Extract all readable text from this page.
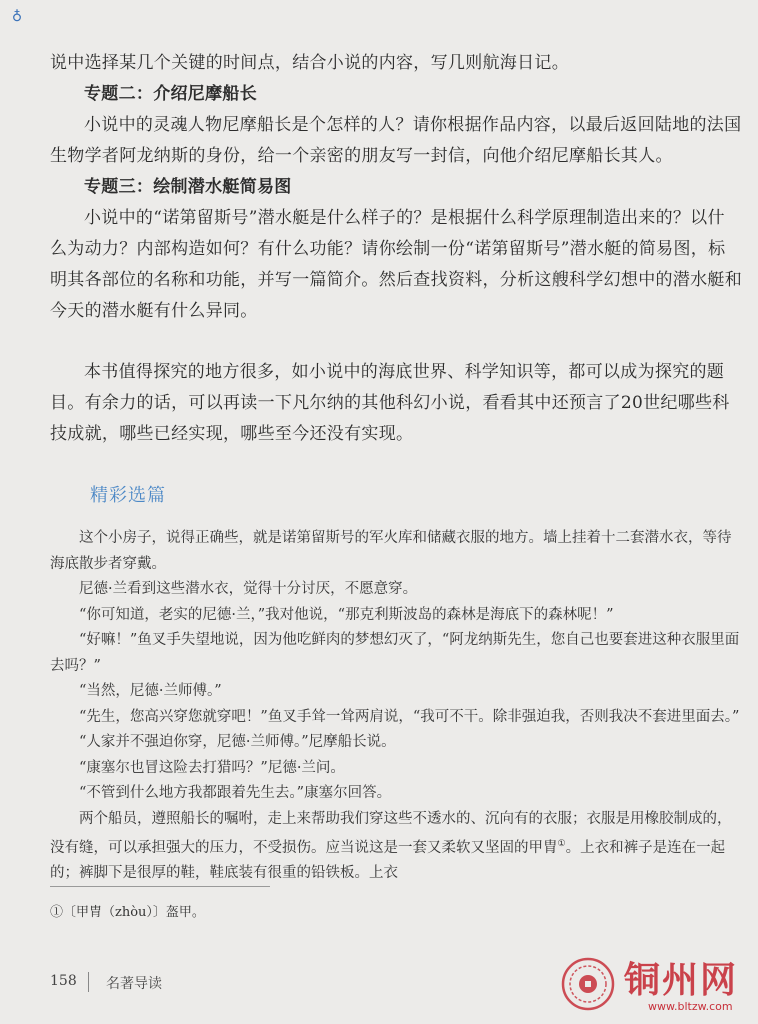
♁

说中选择某几个关键的时间点，结合小说的内容，写几则航海日记。

专题二：介绍尼摩船长

小说中的灵魂人物尼摩船长是个怎样的人？请你根据作品内容，以最后返回陆地的法国生物学者阿龙纳斯的身份，给一个亲密的朋友写一封信，向他介绍尼摩船长其人。

专题三：绘制潜水艇简易图

小说中的“诺第留斯号”潜水艇是什么样子的？是根据什么科学原理制造出来的？以什么为动力？内部构造如何？有什么功能？请你绘制一份“诺第留斯号”潜水艇的简易图，标明其各部位的名称和功能，并写一篇简介。然后查找资料，分析这艘科学幻想中的潜水艇和今天的潜水艇有什么异同。

本书值得探究的地方很多，如小说中的海底世界、科学知识等，都可以成为探究的题目。有余力的话，可以再读一下凡尔纳的其他科幻小说，看看其中还预言了20世纪哪些科技成就，哪些已经实现，哪些至今还没有实现。

精彩选篇

这个小房子，说得正确些，就是诺第留斯号的军火库和储藏衣服的地方。墙上挂着十二套潜水衣，等待海底散步者穿戴。

尼德·兰看到这些潜水衣，觉得十分讨厌，不愿意穿。

“你可知道，老实的尼德·兰，”我对他说，“那克利斯波岛的森林是海底下的森林呢！”

“好嘛！”鱼叉手失望地说，因为他吃鲜肉的梦想幻灭了，“阿龙纳斯先生，您自己也要套进这种衣服里面去吗？”

“当然，尼德·兰师傅。”

“先生，您高兴穿您就穿吧！”鱼叉手耸一耸两肩说，“我可不干。除非强迫我，否则我决不套进里面去。”

“人家并不强迫你穿，尼德·兰师傅。”尼摩船长说。

“康塞尔也冒这险去打猎吗？”尼德·兰问。

“不管到什么地方我都跟着先生去。”康塞尔回答。

两个船员，遵照船长的嘱咐，走上来帮助我们穿这些不透水的、沉向有的衣服；衣服是用橡胶制成的，没有缝，可以承担强大的压力，不受损伤。应当说这是一套又柔软又坚固的甲胄①。上衣和裤子是连在一起的；裤脚下是很厚的鞋，鞋底装有很重的铅铁板。上衣

①〔甲胄（zhòu）〕盔甲。
158 名著导读	铜州网
www.bltzw.com
